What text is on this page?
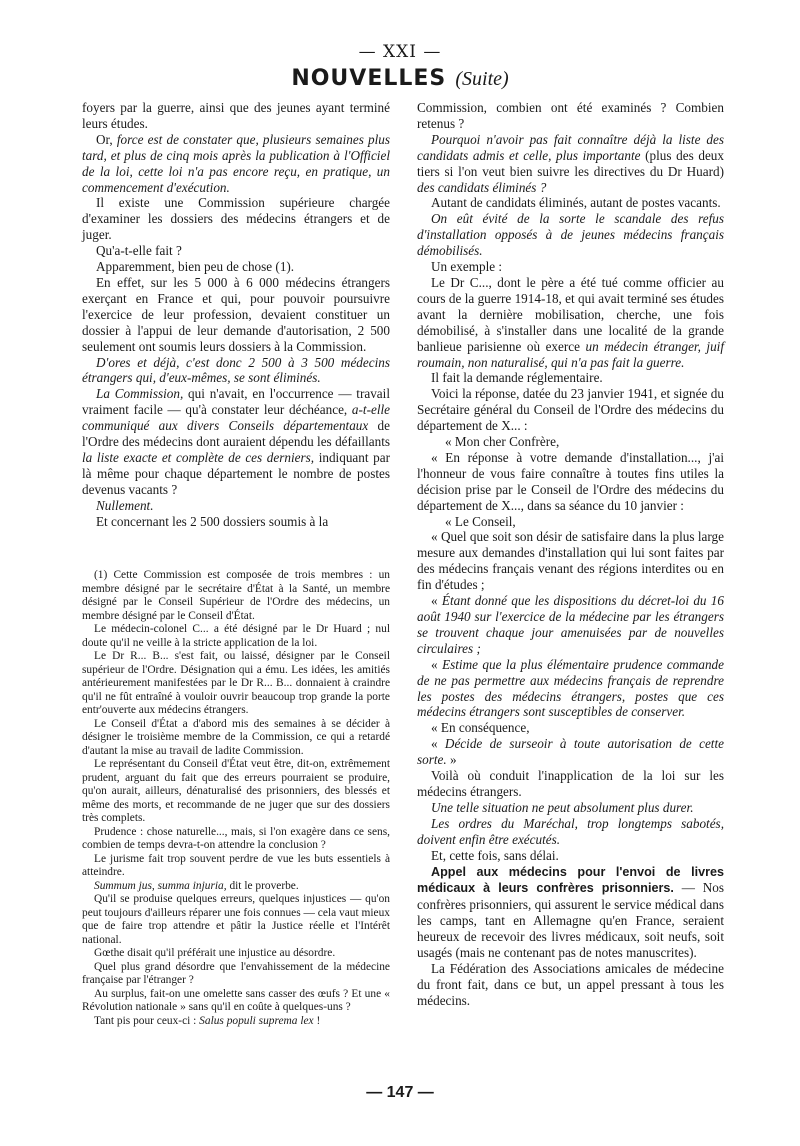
— XXI —
NOUVELLES (Suite)

foyers par la guerre, ainsi que des jeunes ayant terminé leurs études.

Or, force est de constater que, plusieurs semaines plus tard, et plus de cinq mois après la publication à l'Officiel de la loi, cette loi n'a pas encore reçu, en pratique, un commencement d'exécution.

Il existe une Commission supérieure chargée d'examiner les dossiers des médecins étrangers et de juger.

Qu'a-t-elle fait ?

Apparemment, bien peu de chose (1).

En effet, sur les 5 000 à 6 000 médecins étrangers exerçant en France et qui, pour pouvoir poursuivre l'exercice de leur profession, devaient constituer un dossier à l'appui de leur demande d'autorisation, 2 500 seulement ont soumis leurs dossiers à la Commission.

D'ores et déjà, c'est donc 2 500 à 3 500 médecins étrangers qui, d'eux-mêmes, se sont éliminés.

La Commission, qui n'avait, en l'occurrence — travail vraiment facile — qu'à constater leur déchéance, a-t-elle communiqué aux divers Conseils départementaux de l'Ordre des médecins dont auraient dépendu les défaillants la liste exacte et complète de ces derniers, indiquant par là même pour chaque département le nombre de postes devenus vacants ?

Nullement.

Et concernant les 2 500 dossiers soumis à la

(1) Cette Commission est composée de trois membres : un membre désigné par le secrétaire d'État à la Santé, un membre désigné par le Conseil Supérieur de l'Ordre des médecins, un membre désigné par le Conseil d'État.

Le médecin-colonel C... a été désigné par le Dr Huard ; nul doute qu'il ne veille à la stricte application de la loi.

Le Dr R... B... s'est fait, ou laissé, désigner par le Conseil supérieur de l'Ordre. Désignation qui a ému. Les idées, les amitiés antérieurement manifestées par le Dr R... B... donnaient à craindre qu'il ne fût entraîné à vouloir ouvrir beaucoup trop grande la porte entr'ouverte aux médecins étrangers.

Le Conseil d'État a d'abord mis des semaines à se décider à désigner le troisième membre de la Commission, ce qui a retardé d'autant la mise au travail de ladite Commission.

Le représentant du Conseil d'État veut être, dit-on, extrêmement prudent, arguant du fait que des erreurs pourraient se produire, qu'on aurait, ailleurs, dénaturalisé des prisonniers, des blessés et même des morts, et recommande de ne juger que sur des dossiers très complets.

Prudence : chose naturelle..., mais, si l'on exagère dans ce sens, combien de temps devra-t-on attendre la conclusion ?

Le jurisme fait trop souvent perdre de vue les buts essentiels à atteindre.

Summum jus, summa injuria, dit le proverbe.

Qu'il se produise quelques erreurs, quelques injustices — qu'on peut toujours d'ailleurs réparer une fois connues — cela vaut mieux que de faire trop attendre et pâtir la Justice réelle et l'Intérêt national.

Gœthe disait qu'il préférait une injustice au désordre.

Quel plus grand désordre que l'envahissement de la médecine française par l'étranger ?

Au surplus, fait-on une omelette sans casser des œufs ? Et une « Révolution nationale » sans qu'il en coûte à quelques-uns ?

Tant pis pour ceux-ci : Salus populi suprema lex !

Commission, combien ont été examinés ? Combien retenus ?

Pourquoi n'avoir pas fait connaître déjà la liste des candidats admis et celle, plus importante (plus des deux tiers si l'on veut bien suivre les directives du Dr Huard) des candidats éliminés ?

Autant de candidats éliminés, autant de postes vacants.

On eût évité de la sorte le scandale des refus d'installation opposés à de jeunes médecins français démobilisés.

Un exemple :

Le Dr C..., dont le père a été tué comme officier au cours de la guerre 1914-18, et qui avait terminé ses études avant la dernière mobilisation, cherche, une fois démobilisé, à s'installer dans une localité de la grande banlieue parisienne où exerce un médecin étranger, juif roumain, non naturalisé, qui n'a pas fait la guerre.

Il fait la demande réglementaire.

Voici la réponse, datée du 23 janvier 1941, et signée du Secrétaire général du Conseil de l'Ordre des médecins du département de X... :

« Mon cher Confrère,

« En réponse à votre demande d'installation..., j'ai l'honneur de vous faire connaître à toutes fins utiles la décision prise par le Conseil de l'Ordre des médecins du département de X..., dans sa séance du 10 janvier :

« Le Conseil,

« Quel que soit son désir de satisfaire dans la plus large mesure aux demandes d'installation qui lui sont faites par des médecins français venant des régions interdites ou en fin d'études ;

« Étant donné que les dispositions du décret-loi du 16 août 1940 sur l'exercice de la médecine par les étrangers se trouvent chaque jour amenuisées par de nouvelles circulaires ;

« Estime que la plus élémentaire prudence commande de ne pas permettre aux médecins français de reprendre les postes des médecins étrangers, postes que ces médecins étrangers sont susceptibles de conserver.

« En conséquence,

« Décide de surseoir à toute autorisation de cette sorte. »

Voilà où conduit l'inapplication de la loi sur les médecins étrangers.

Une telle situation ne peut absolument plus durer.

Les ordres du Maréchal, trop longtemps sabotés, doivent enfin être exécutés.

Et, cette fois, sans délai.

Appel aux médecins pour l'envoi de livres médicaux à leurs confrères prisonniers. — Nos confrères prisonniers, qui assurent le service médical dans les camps, tant en Allemagne qu'en France, seraient heureux de recevoir des livres médicaux, soit neufs, soit usagés (mais ne contenant pas de notes manuscrites).

La Fédération des Associations amicales de médecine du front fait, dans ce but, un appel pressant à tous les médecins.

— 147 —
